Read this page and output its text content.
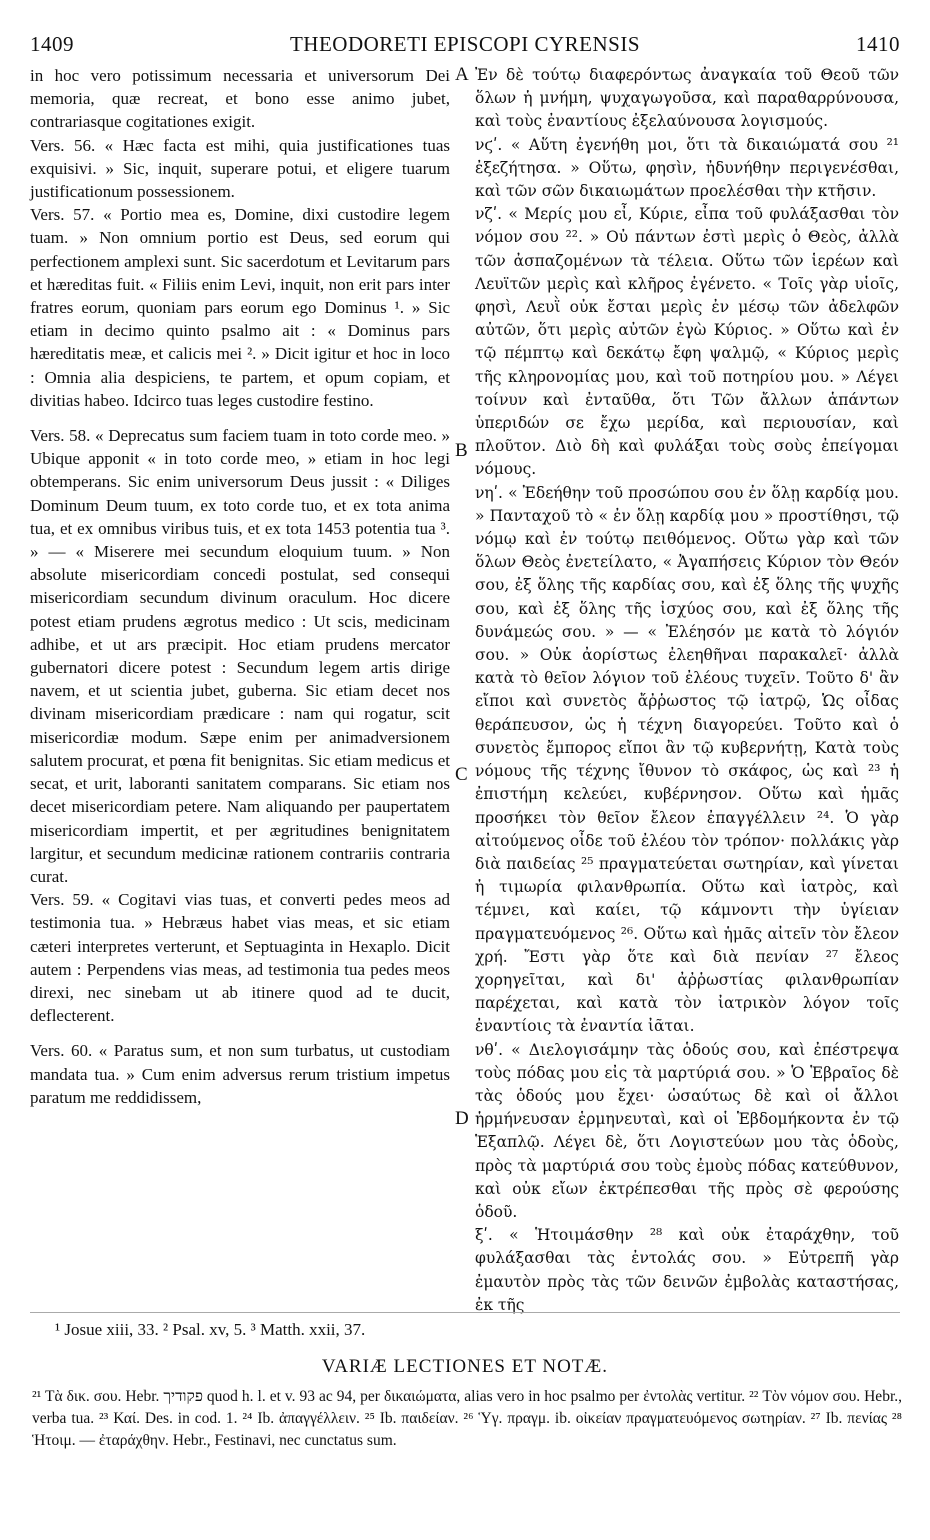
1409	THEODORETI EPISCOPI CYRENSIS	1410

in hoc vero potissimum necessaria et universorum Dei memoria, quæ recreat, et bono esse animo jubet, contrariasque cogitationes exigit.

Vers. 56. « Hæc facta est mihi, quia justificationes tuas exquisivi. » Sic, inquit, superare potui, et eligere tuarum justificationum possessionem.

Vers. 57. « Portio mea es, Domine, dixi custodire legem tuam. » Non omnium portio est Deus, sed eorum qui perfectionem amplexi sunt. Sic sacerdotum et Levitarum pars et hæreditas fuit. « Filiis enim Levi, inquit, non erit pars inter fratres eorum, quoniam pars eorum ego Dominus ¹. » Sic etiam in decimo quinto psalmo ait : « Dominus pars hæreditatis meæ, et calicis mei ². » Dicit igitur et hoc in loco : Omnia alia despiciens, te partem, et opum copiam, et divitias habeo. Idcirco tuas leges custodire festino.

Vers. 58. « Deprecatus sum faciem tuam in toto corde meo. » Ubique apponit « in toto corde meo, » etiam in hoc legi obtemperans. Sic enim universorum Deus jussit : « Diliges Dominum Deum tuum, ex toto corde tuo, et ex tota anima tua, et ex omnibus viribus tuis, et ex tota 1453 potentia tua ³. » — « Miserere mei secundum eloquium tuum. » Non absolute misericordiam concedi postulat, sed consequi misericordiam secundum divinum oraculum. Hoc dicere potest etiam prudens ægrotus medico : Ut scis, medicinam adhibe, et ut ars præcipit. Hoc etiam prudens mercator gubernatori dicere potest : Secundum legem artis dirige navem, et ut scientia jubet, guberna. Sic etiam decet nos divinam misericordiam prædicare : nam qui rogatur, scit misericordiæ modum. Sæpe enim per animadversionem salutem procurat, et pœna fit benignitas. Sic etiam medicus et secat, et urit, laboranti sanitatem comparans. Sic etiam nos decet misericordiam petere. Nam aliquando per paupertatem misericordiam impertit, et per ægritudines benignitatem largitur, et secundum medicinæ rationem contrariis contraria curat.

Vers. 59. « Cogitavi vias tuas, et converti pedes meos ad testimonia tua. » Hebræus habet vias meas, et sic etiam cæteri interpretes verterunt, et Septuaginta in Hexaplo. Dicit autem : Perpendens vias meas, ad testimonia tua pedes meos direxi, nec sinebam ut ab itinere quod ad te ducit, deflecterent.

Vers. 60. « Paratus sum, et non sum turbatus, ut custodiam mandata tua. » Cum enim adversus rerum tristium impetus paratum me reddidissem,

A
B
C
D

Ἐν δὲ τούτῳ διαφερόντως ἀναγκαία τοῦ Θεοῦ τῶν ὅλων ἡ μνήμη, ψυχαγωγοῦσα, καὶ παραθαρρύνουσα, καὶ τοὺς ἐναντίους ἐξελαύνουσα λογισμούς.

νϛʹ. « Αὕτη ἐγενήθη μοι, ὅτι τὰ δικαιώματά σου ²¹ ἐξεζήτησα. » Οὕτω, φησὶν, ἠδυνήθην περιγενέσθαι, καὶ τῶν σῶν δικαιωμάτων προελέσθαι τὴν κτῆσιν.

νζʹ. « Μερίς μου εἶ, Κύριε, εἶπα τοῦ φυλάξασθαι τὸν νόμον σου ²². » Οὐ πάντων ἐστὶ μερὶς ὁ Θεὸς, ἀλλὰ τῶν ἀσπαζομένων τὰ τέλεια. Οὕτω τῶν ἱερέων καὶ Λευϊτῶν μερὶς καὶ κλῆρος ἐγένετο. « Τοῖς γὰρ υἱοῖς, φησὶ, Λευῒ οὐκ ἔσται μερὶς ἐν μέσῳ τῶν ἀδελφῶν αὐτῶν, ὅτι μερὶς αὐτῶν ἐγὼ Κύριος. » Οὕτω καὶ ἐν τῷ πέμπτῳ καὶ δεκάτῳ ἔφη ψαλμῷ, « Κύριος μερὶς τῆς κληρονομίας μου, καὶ τοῦ ποτηρίου μου. » Λέγει τοίνυν καὶ ἐνταῦθα, ὅτι Τῶν ἄλλων ἁπάντων ὑπεριδών σε ἔχω μερίδα, καὶ περιουσίαν, καὶ πλοῦτον. Διὸ δὴ καὶ φυλάξαι τοὺς σοὺς ἐπείγομαι νόμους.

νηʹ. « Ἐδεήθην τοῦ προσώπου σου ἐν ὅλῃ καρδίᾳ μου. » Πανταχοῦ τὸ « ἐν ὅλῃ καρδίᾳ μου » προστίθησι, τῷ νόμῳ καὶ ἐν τούτῳ πειθόμενος. Οὕτω γὰρ καὶ τῶν ὅλων Θεὸς ἐνετείλατο, « Ἀγαπήσεις Κύριον τὸν Θεόν σου, ἐξ ὅλης τῆς καρδίας σου, καὶ ἐξ ὅλης τῆς ψυχῆς σου, καὶ ἐξ ὅλης τῆς ἰσχύος σου, καὶ ἐξ ὅλης τῆς δυνάμεώς σου. » — « Ἐλέησόν με κατὰ τὸ λόγιόν σου. » Οὐκ ἀορίστως ἐλεηθῆναι παρακαλεῖ· ἀλλὰ κατὰ τὸ θεῖον λόγιον τοῦ ἐλέους τυχεῖν. Τοῦτο δ' ἂν εἴποι καὶ συνετὸς ἄῤῥωστος τῷ ἰατρῷ, Ὡς οἶδας θεράπευσον, ὡς ἡ τέχνη διαγορεύει. Τοῦτο καὶ ὁ συνετὸς ἔμπορος εἴποι ἂν τῷ κυβερνήτῃ, Κατὰ τοὺς νόμους τῆς τέχνης ἴθυνον τὸ σκάφος, ὡς καὶ ²³ ἡ ἐπιστήμη κελεύει, κυβέρνησον. Οὕτω καὶ ἡμᾶς προσήκει τὸν θεῖον ἔλεον ἐπαγγέλλειν ²⁴. Ὁ γὰρ αἰτούμενος οἶδε τοῦ ἐλέου τὸν τρόπον· πολλάκις γὰρ διὰ παιδείας ²⁵ πραγματεύεται σωτηρίαν, καὶ γίνεται ἡ τιμωρία φιλανθρωπία. Οὕτω καὶ ἰατρὸς, καὶ τέμνει, καὶ καίει, τῷ κάμνοντι τὴν ὑγίειαν πραγματευόμενος ²⁶. Οὕτω καὶ ἡμᾶς αἰτεῖν τὸν ἔλεον χρή. Ἔστι γὰρ ὅτε καὶ διὰ πενίαν ²⁷ ἔλεος χορηγεῖται, καὶ δι' ἀῤῥωστίας φιλανθρωπίαν παρέχεται, καὶ κατὰ τὸν ἰατρικὸν λόγον τοῖς ἐναντίοις τὰ ἐναντία ἰᾶται.

νθʹ. « Διελογισάμην τὰς ὁδούς σου, καὶ ἐπέστρεψα τοὺς πόδας μου εἰς τὰ μαρτύριά σου. » Ὁ Ἑβραῖος δὲ τὰς ὁδούς μου ἔχει· ὡσαύτως δὲ καὶ οἱ ἄλλοι ἡρμήνευσαν ἑρμηνευταὶ, καὶ οἱ Ἑβδομήκοντα ἐν τῷ Ἑξαπλῷ. Λέγει δὲ, ὅτι Λογιστεύων μου τὰς ὁδοὺς, πρὸς τὰ μαρτύριά σου τοὺς ἐμοὺς πόδας κατεύθυνον, καὶ οὐκ εἴων ἐκτρέπεσθαι τῆς πρὸς σὲ φερούσης ὁδοῦ.

ξʹ. « Ἡτοιμάσθην ²⁸ καὶ οὐκ ἐταράχθην, τοῦ φυλάξασθαι τὰς ἐντολάς σου. » Εὐτρεπῆ γὰρ ἐμαυτὸν πρὸς τὰς τῶν δεινῶν ἐμβολὰς καταστήσας, ἐκ τῆς

¹ Josue xiii, 33. ² Psal. xv, 5. ³ Matth. xxii, 37.
VARIÆ LECTIONES ET NOTÆ.

²¹ Τὰ δικ. σου. Hebr. פקודיך quod h. l. et v. 93 ac 94, per δικαιώματα, alias vero in hoc psalmo per ἐντολὰς vertitur. ²² Τὸν νόμον σου. Hebr., verba tua. ²³ Καί. Des. in cod. 1. ²⁴ Ib. ἀπαγγέλλειν. ²⁵ Ib. παιδείαν. ²⁶ Ὑγ. πραγμ. ib. οἰκείαν πραγματευόμενος σωτηρίαν. ²⁷ Ib. πενίας ²⁸ Ἡτοιμ. — ἐταράχθην. Hebr., Festinavi, nec cunctatus sum.
